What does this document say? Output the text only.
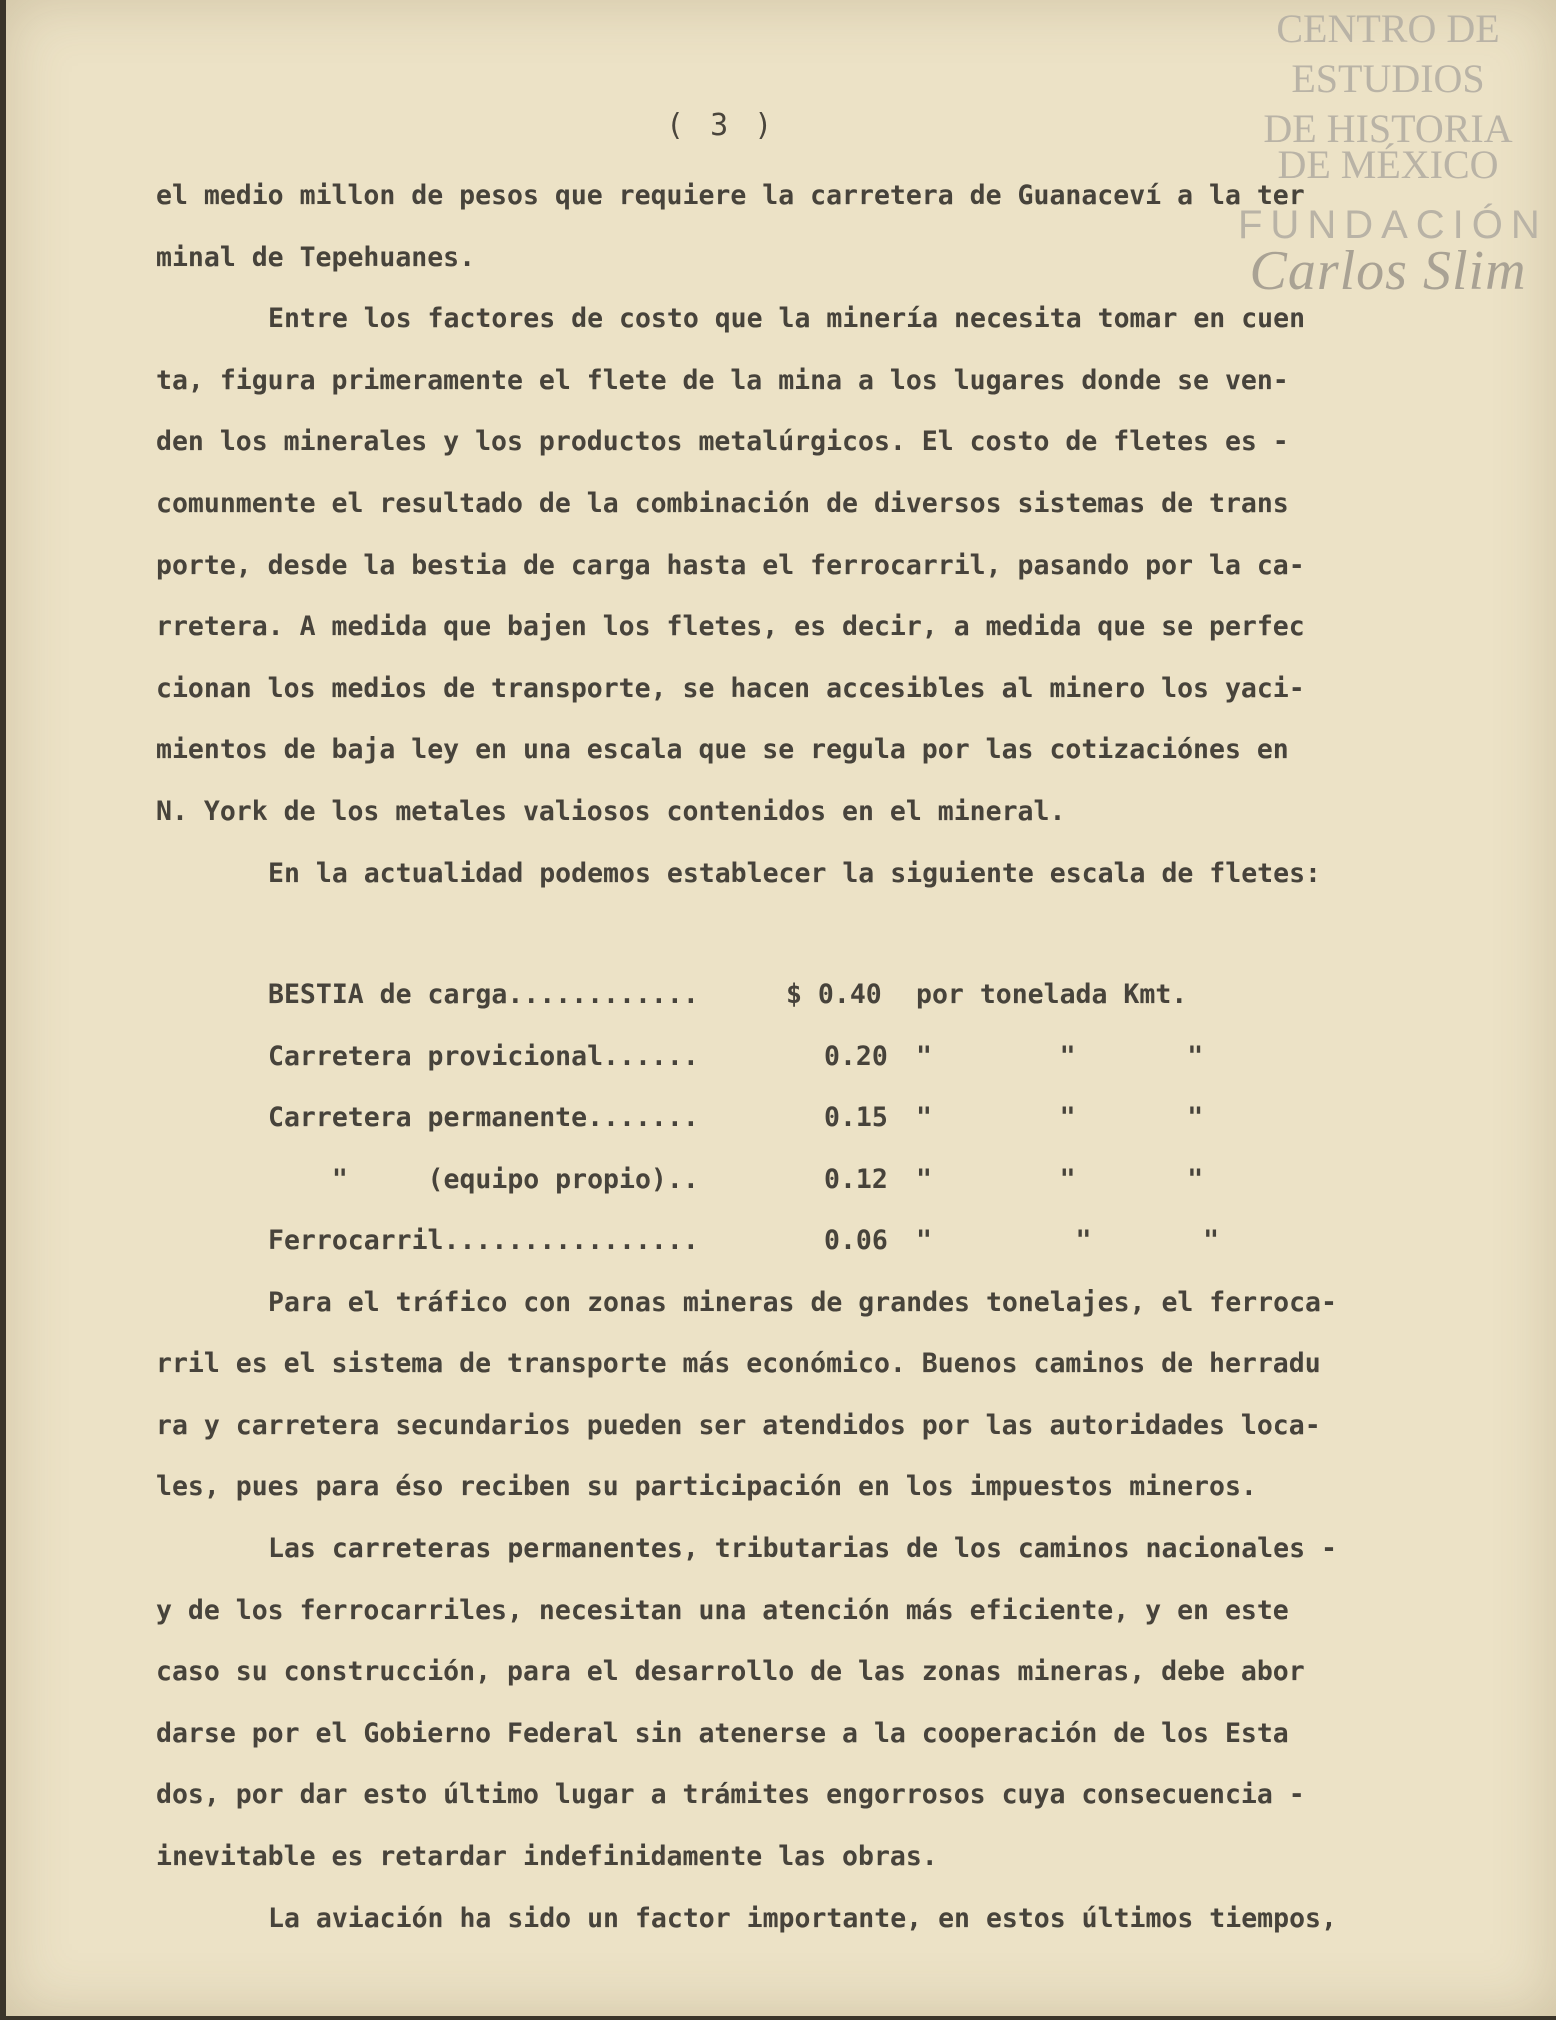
CENTRO DE
ESTUDIOS
DE HISTORIA
DE MÉXICO
FUNDACIÓN
Carlos Slim
( 3 )
el medio millon de pesos que requiere la carretera de Guanaceví a la ter
minal de Tepehuanes.
Entre los factores de costo que la minería necesita tomar en cuen
ta, figura primeramente el flete de la mina a los lugares donde se ven-
den los minerales y los productos metalúrgicos. El costo de fletes es -
comunmente el resultado de la combinación de diversos sistemas de trans
porte, desde la bestia de carga hasta el ferrocarril, pasando por la ca-
rretera. A medida que bajen los fletes, es decir, a medida que se perfec
cionan los medios de transporte, se hacen accesibles al minero los yaci-
mientos de baja ley en una escala que se regula por las cotizaciónes en
N. York de los metales valiosos contenidos en el mineral.
En la actualidad podemos establecer la siguiente escala de fletes:
BESTIA de carga............	$ 0.40 por tonelada Kmt.
Carretera provicional......	0.20 "        "       "
Carretera permanente.......	0.15 "        "       "
"     (equipo propio)..	0.12 "        "       "
Ferrocarril................	0.06 "         "       "
Para el tráfico con zonas mineras de grandes tonelajes, el ferroca-
rril es el sistema de transporte más económico. Buenos caminos de herradu
ra y carretera secundarios pueden ser atendidos por las autoridades loca-
les, pues para éso reciben su participación en los impuestos mineros.
Las carreteras permanentes, tributarias de los caminos nacionales -
y de los ferrocarriles, necesitan una atención más eficiente, y en este
caso su construcción, para el desarrollo de las zonas mineras, debe abor
darse por el Gobierno Federal sin atenerse a la cooperación de los Esta
dos, por dar esto último lugar a trámites engorrosos cuya consecuencia -
inevitable es retardar indefinidamente las obras.
La aviación ha sido un factor importante, en estos últimos tiempos,
